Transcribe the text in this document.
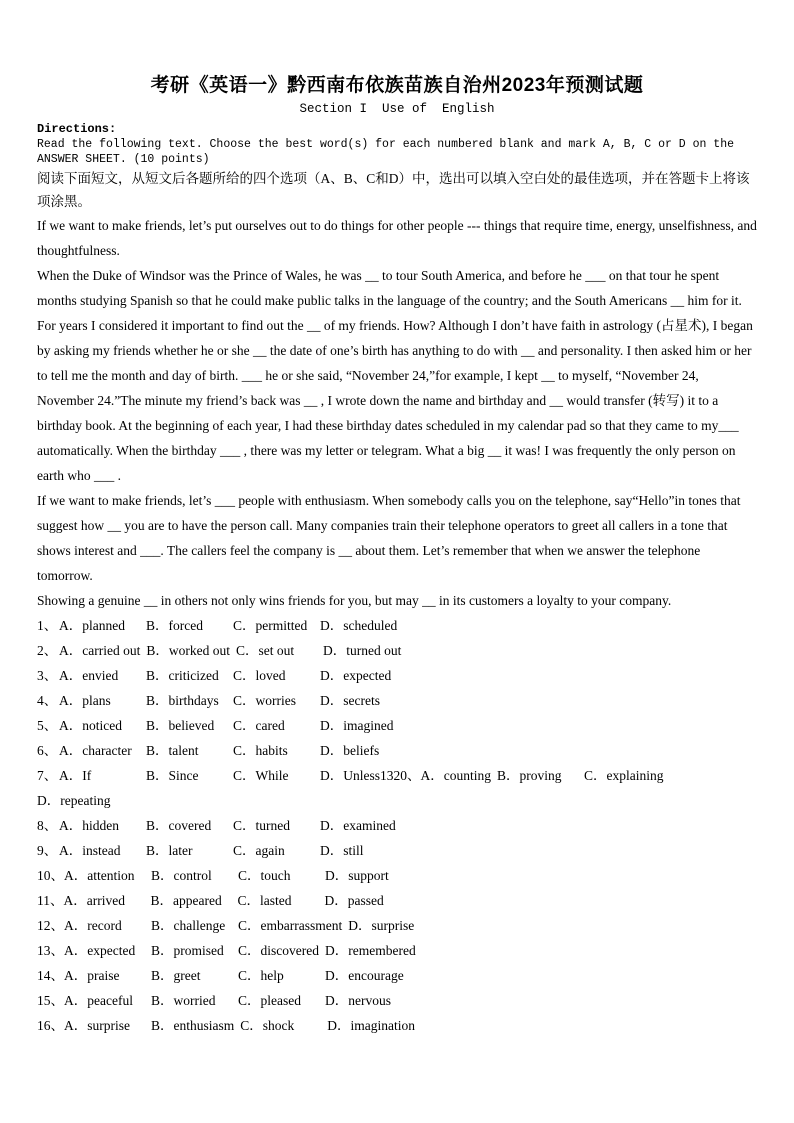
考研《英语一》黔西南布依族苗族自治州2023年预测试题
Section I  Use of  English
Directions:
Read the following text. Choose the best word(s) for each numbered blank and mark A, B, C or D on the ANSWER SHEET. (10 points)
阅读下面短文，从短文后各题所给的四个选项（A、B、C和D）中，选出可以填入空白处的最佳选项，并在答题卡上将该项涂黑。

If we want to make friends, let’s put ourselves out to do things for other people --- things that require time, energy, unselfishness, and thoughtfulness.

When the Duke of Windsor was the Prince of Wales, he was __ to tour South America, and before he ___ on that tour he spent months studying Spanish so that he could make public talks in the language of the country; and the South Americans __ him for it.

For years I considered it important to find out the __ of my friends. How? Although I don’t have faith in astrology (占星术), I began by asking my friends whether he or she __ the date of one’s birth has anything to do with __ and personality. I then asked him or her to tell me the month and day of birth. ___ he or she said, “November 24,”for example, I kept __ to myself, “November 24, November 24.”The minute my friend’s back was __ , I wrote down the name and birthday and __ would transfer (转写) it to a birthday book. At the beginning of each year, I had these birthday dates scheduled in my calendar pad so that they came to my___ automatically. When the birthday ___ , there was my letter or telegram. What a big __ it was! I was frequently the only person on earth who ___ .

If we want to make friends, let’s ___ people with enthusiasm. When somebody calls you on the telephone, say“Hello”in tones that suggest how __ you are to have the person call. Many companies train their telephone operators to greet all callers in a tone that shows interest and ___. The callers feel the company is __ about them. Let’s remember that when we answer the telephone tomorrow.

Showing a genuine __ in others not only wins friends for you, but may __ in its customers a loyalty to your company.

1、 A．planned B．forced C．permitted D．scheduled
2、 A．carried out B．worked out C．set out D．turned out
3、 A．envied B．criticized C．loved	D．expected
4、 A．plans	B．birthdays C．worries D．secrets
5、 A．noticed B．believed C．cared	D．imagined
6、 A．character B．talent	C．habits D．beliefs
7、 A．If	B．Since	C．While D．Unless1320、A．counting B．proving C．explaining
D．repeating
8、 A．hidden B．covered C．turned D．examined
9、 A．instead B．later	C．again	D．still
10、A．attention B．control C．touch	D．support
11、A．arrived B．appeared C．lasted D．passed
12、A．record B．challenge C．embarrassment D．surprise
13、A．expected B．promised C．discovered D．remembered
14、A．praise B．greet	C．help	D．encourage
15、A．peaceful B．worried C．pleased D．nervous
16、A．surprise B．enthusiasm C．shock D．imagination
